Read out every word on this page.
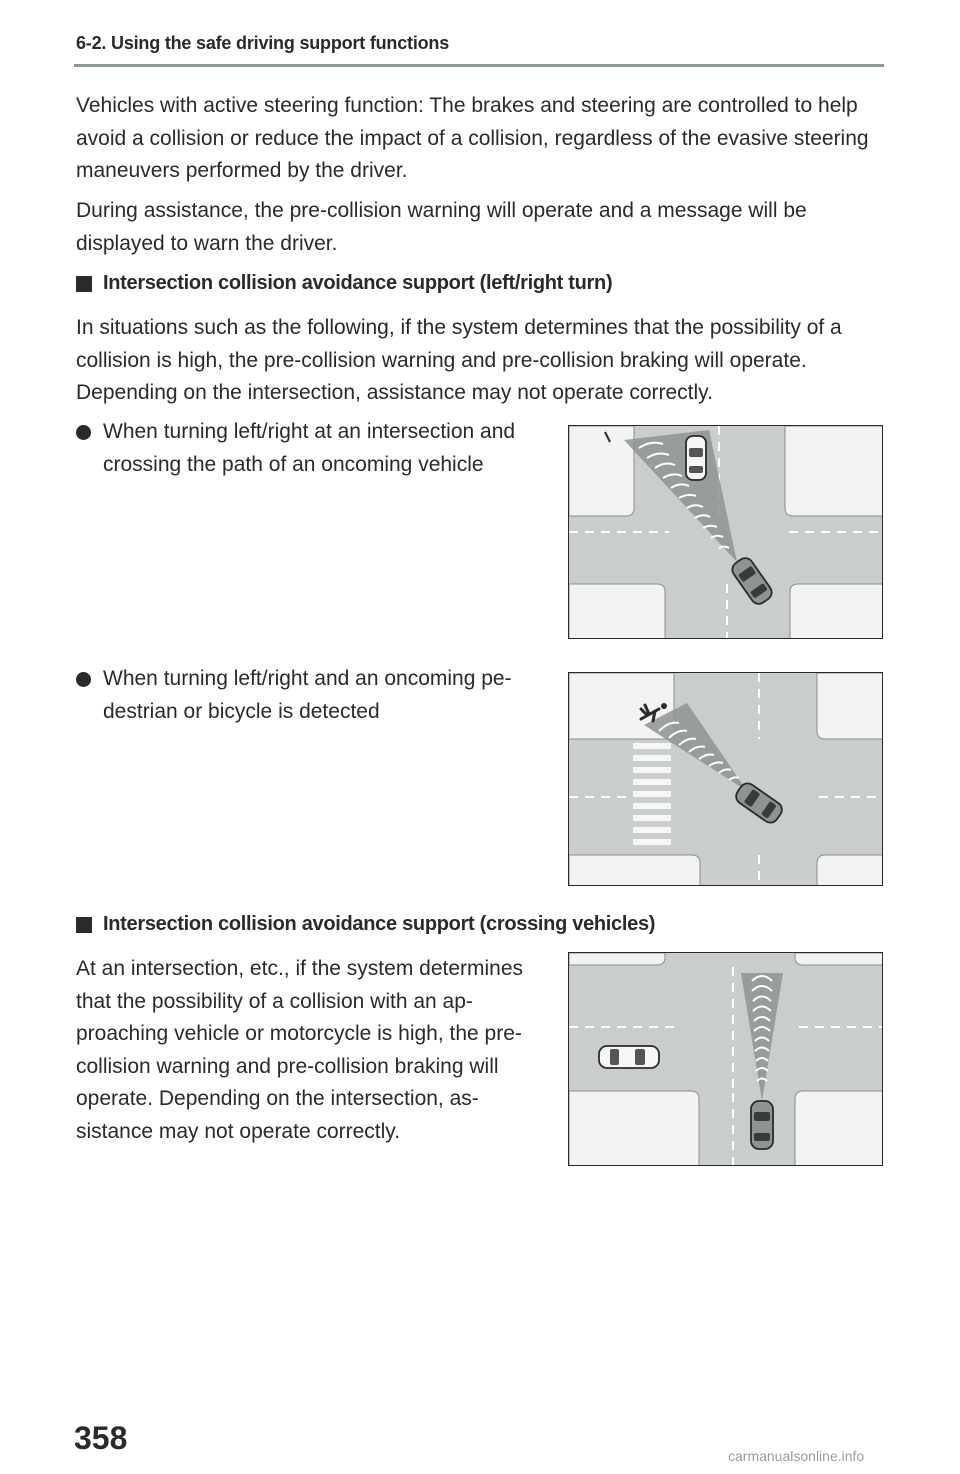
6-2. Using the safe driving support functions

Vehicles with active steering function: The brakes and steering are controlled to help avoid a collision or reduce the impact of a collision, regardless of the evasive steering maneuvers performed by the driver.

During assistance, the pre-collision warning will operate and a message will be displayed to warn the driver.

Intersection collision avoidance support (left/right turn)

In situations such as the following, if the system determines that the possibility of a collision is high, the pre-collision warning and pre-collision braking will operate. Depending on the intersection, assistance may not operate correctly.

When turning left/right at an intersection and crossing the path of an oncoming vehicle
When turning left/right and an oncoming pe-destrian or bicycle is detected
Intersection collision avoidance support (crossing vehicles)

At an intersection, etc., if the system determines that the possibility of a collision with an ap-proaching vehicle or motorcycle is high, the pre-collision warning and pre-collision braking will operate. Depending on the intersection, as-sistance may not operate correctly.

358	carmanualsonline.info
